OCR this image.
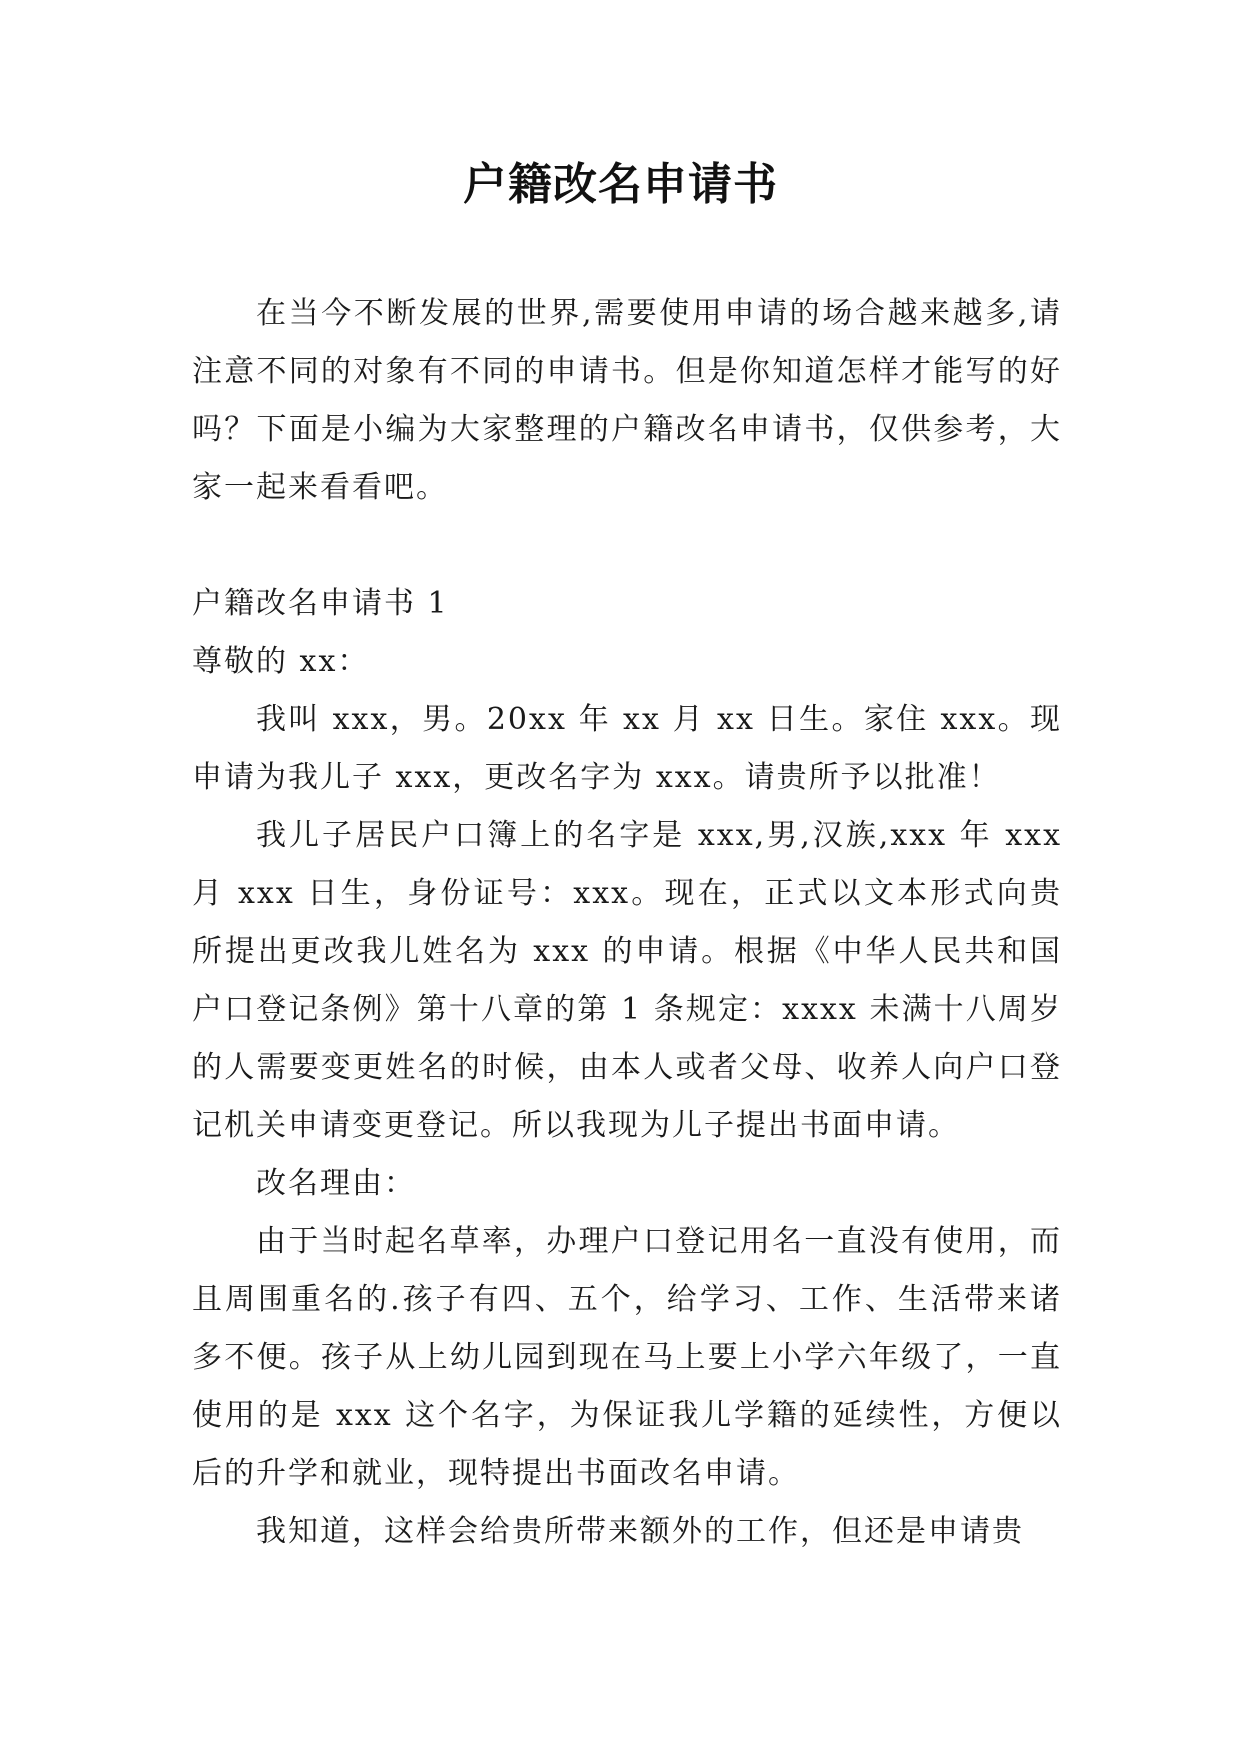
户籍改名申请书

在当今不断发展的世界,需要使用申请的场合越来越多,请注意不同的对象有不同的申请书。但是你知道怎样才能写的好吗？下面是小编为大家整理的户籍改名申请书，仅供参考，大家一起来看看吧。

户籍改名申请书 1

尊敬的 xx：

我叫 xxx，男。20xx 年 xx 月 xx 日生。家住 xxx。现申请为我儿子 xxx，更改名字为 xxx。请贵所予以批准！

我儿子居民户口簿上的名字是 xxx,男,汉族,xxx 年 xxx 月 xxx 日生，身份证号：xxx。现在，正式以文本形式向贵所提出更改我儿姓名为 xxx 的申请。根据《中华人民共和国户口登记条例》第十八章的第 1 条规定：xxxx 未满十八周岁的人需要变更姓名的时候，由本人或者父母、收养人向户口登记机关申请变更登记。所以我现为儿子提出书面申请。

改名理由：

由于当时起名草率，办理户口登记用名一直没有使用，而且周围重名的.孩子有四、五个，给学习、工作、生活带来诸多不便。孩子从上幼儿园到现在马上要上小学六年级了，一直使用的是 xxx 这个名字，为保证我儿学籍的延续性，方便以后的升学和就业，现特提出书面改名申请。

我知道，这样会给贵所带来额外的工作，但还是申请贵
